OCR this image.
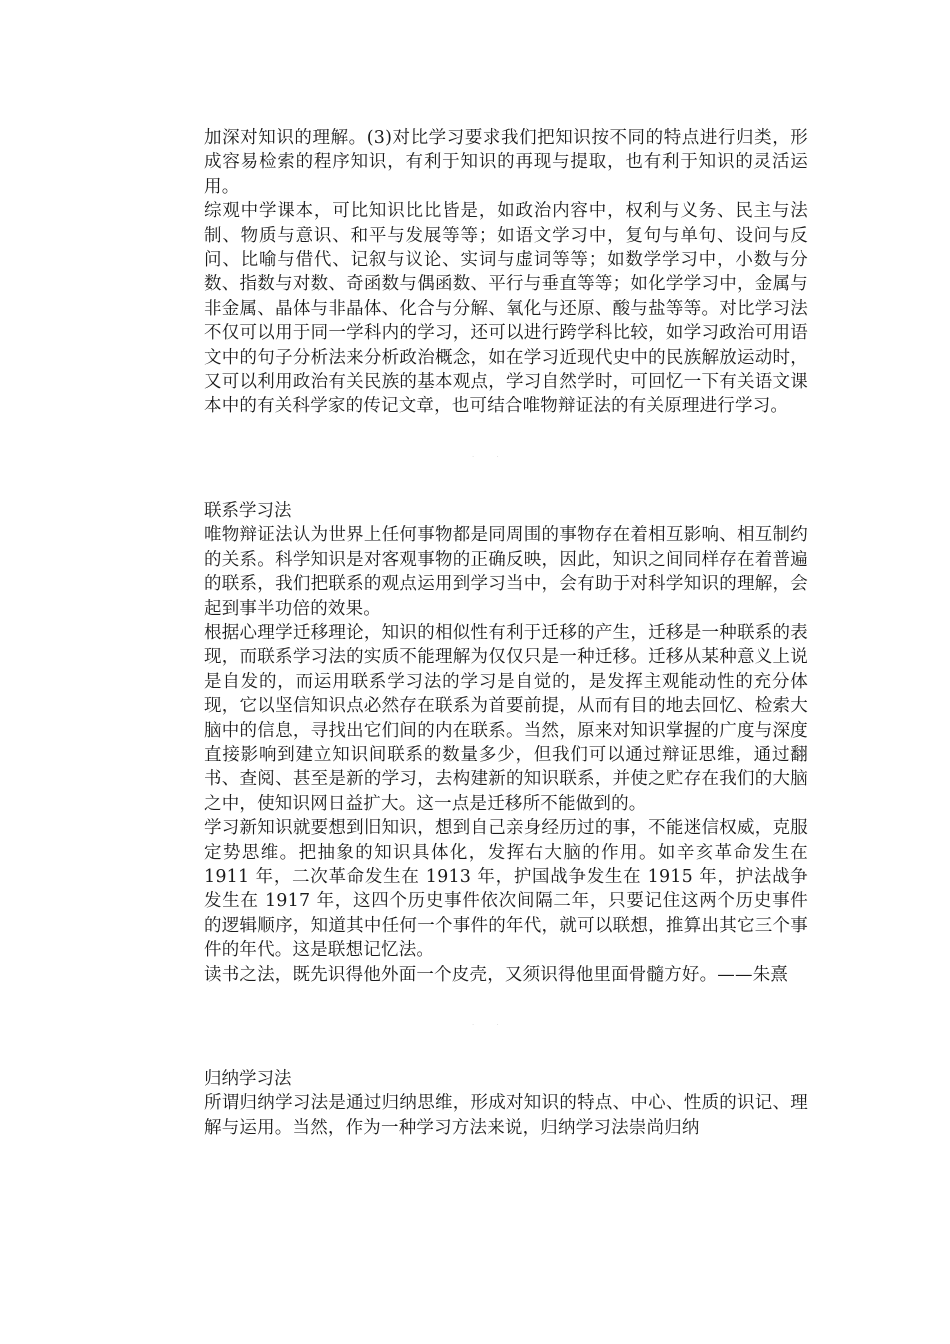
加深对知识的理解。(3)对比学习要求我们把知识按不同的特点进行归类，形成容易检索的程序知识，有利于知识的再现与提取，也有利于知识的灵活运用。

综观中学课本，可比知识比比皆是，如政治内容中，权利与义务、民主与法制、物质与意识、和平与发展等等；如语文学习中，复句与单句、设问与反问、比喻与借代、记叙与议论、实词与虚词等等；如数学学习中，小数与分数、指数与对数、奇函数与偶函数、平行与垂直等等；如化学学习中，金属与非金属、晶体与非晶体、化合与分解、氧化与还原、酸与盐等等。对比学习法不仅可以用于同一学科内的学习，还可以进行跨学科比较，如学习政治可用语文中的句子分析法来分析政治概念，如在学习近现代史中的民族解放运动时，又可以利用政治有关民族的基本观点，学习自然学时，可回忆一下有关语文课本中的有关科学家的传记文章，也可结合唯物辩证法的有关原理进行学习。

· ·

联系学习法

唯物辩证法认为世界上任何事物都是同周围的事物存在着相互影响、相互制约的关系。科学知识是对客观事物的正确反映，因此，知识之间同样存在着普遍的联系，我们把联系的观点运用到学习当中，会有助于对科学知识的理解，会起到事半功倍的效果。

根据心理学迁移理论，知识的相似性有利于迁移的产生，迁移是一种联系的表现，而联系学习法的实质不能理解为仅仅只是一种迁移。迁移从某种意义上说是自发的，而运用联系学习法的学习是自觉的，是发挥主观能动性的充分体现，它以坚信知识点必然存在联系为首要前提，从而有目的地去回忆、检索大脑中的信息，寻找出它们间的内在联系。当然，原来对知识掌握的广度与深度直接影响到建立知识间联系的数量多少，但我们可以通过辩证思维，通过翻书、查阅、甚至是新的学习，去构建新的知识联系，并使之贮存在我们的大脑之中，使知识网日益扩大。这一点是迁移所不能做到的。

学习新知识就要想到旧知识，想到自己亲身经历过的事，不能迷信权威，克服定势思维。把抽象的知识具体化，发挥右大脑的作用。如辛亥革命发生在 1911 年，二次革命发生在 1913 年，护国战争发生在 1915 年，护法战争发生在 1917 年，这四个历史事件依次间隔二年，只要记住这两个历史事件的逻辑顺序，知道其中任何一个事件的年代，就可以联想，推算出其它三个事件的年代。这是联想记忆法。

读书之法，既先识得他外面一个皮壳，又须识得他里面骨髓方好。——朱熹

· ·

归纳学习法

所谓归纳学习法是通过归纳思维，形成对知识的特点、中心、性质的识记、理解与运用。当然，作为一种学习方法来说，归纳学习法崇尚归纳
